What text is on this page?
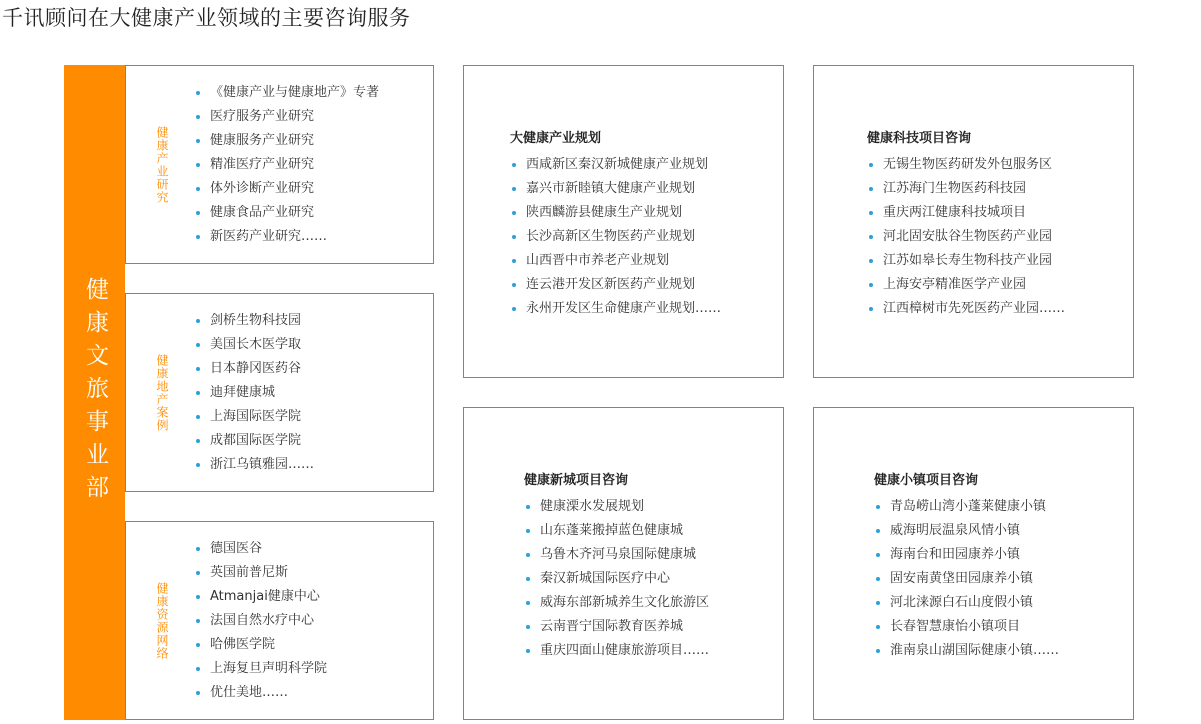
千讯顾问在大健康产业领域的主要咨询服务
健康文旅事业部
健康产业研究
《健康产业与健康地产》专著
医疗服务产业研究
健康服务产业研究
精准医疗产业研究
体外诊断产业研究
健康食品产业研究
新医药产业研究……
健康地产案例
剑桥生物科技园
美国长木医学取
日本静冈医药谷
迪拜健康城
上海国际医学院
成都国际医学院
浙江乌镇雅园……
健康资源网络
德国医谷
英国前普尼斯
Atmanjai健康中心
法国自然水疗中心
哈佛医学院
上海复旦声明科学院
优仕美地……
大健康产业规划
西咸新区秦汉新城健康产业规划
嘉兴市新睦镇大健康产业规划
陕西麟游县健康生产业规划
长沙高新区生物医药产业规划
山西晋中市养老产业规划
连云港开发区新医药产业规划
永州开发区生命健康产业规划……
健康科技项目咨询
无锡生物医药研发外包服务区
江苏海门生物医药科技园
重庆两江健康科技城项目
河北固安肽谷生物医药产业园
江苏如皋长寿生物科技产业园
上海安亭精准医学产业园
江西樟树市先死医药产业园……
健康新城项目咨询
健康溧水发展规划
山东蓬莱搬掉蓝色健康城
乌鲁木齐河马泉国际健康城
秦汉新城国际医疗中心
威海东部新城养生文化旅游区
云南晋宁国际教育医养城
重庆四面山健康旅游项目……
健康小镇项目咨询
青岛崂山湾小蓬莱健康小镇
威海明辰温泉风情小镇
海南台和田园康养小镇
固安南黄垡田园康养小镇
河北涞源白石山度假小镇
长春智慧康怡小镇项目
淮南泉山湖国际健康小镇……
